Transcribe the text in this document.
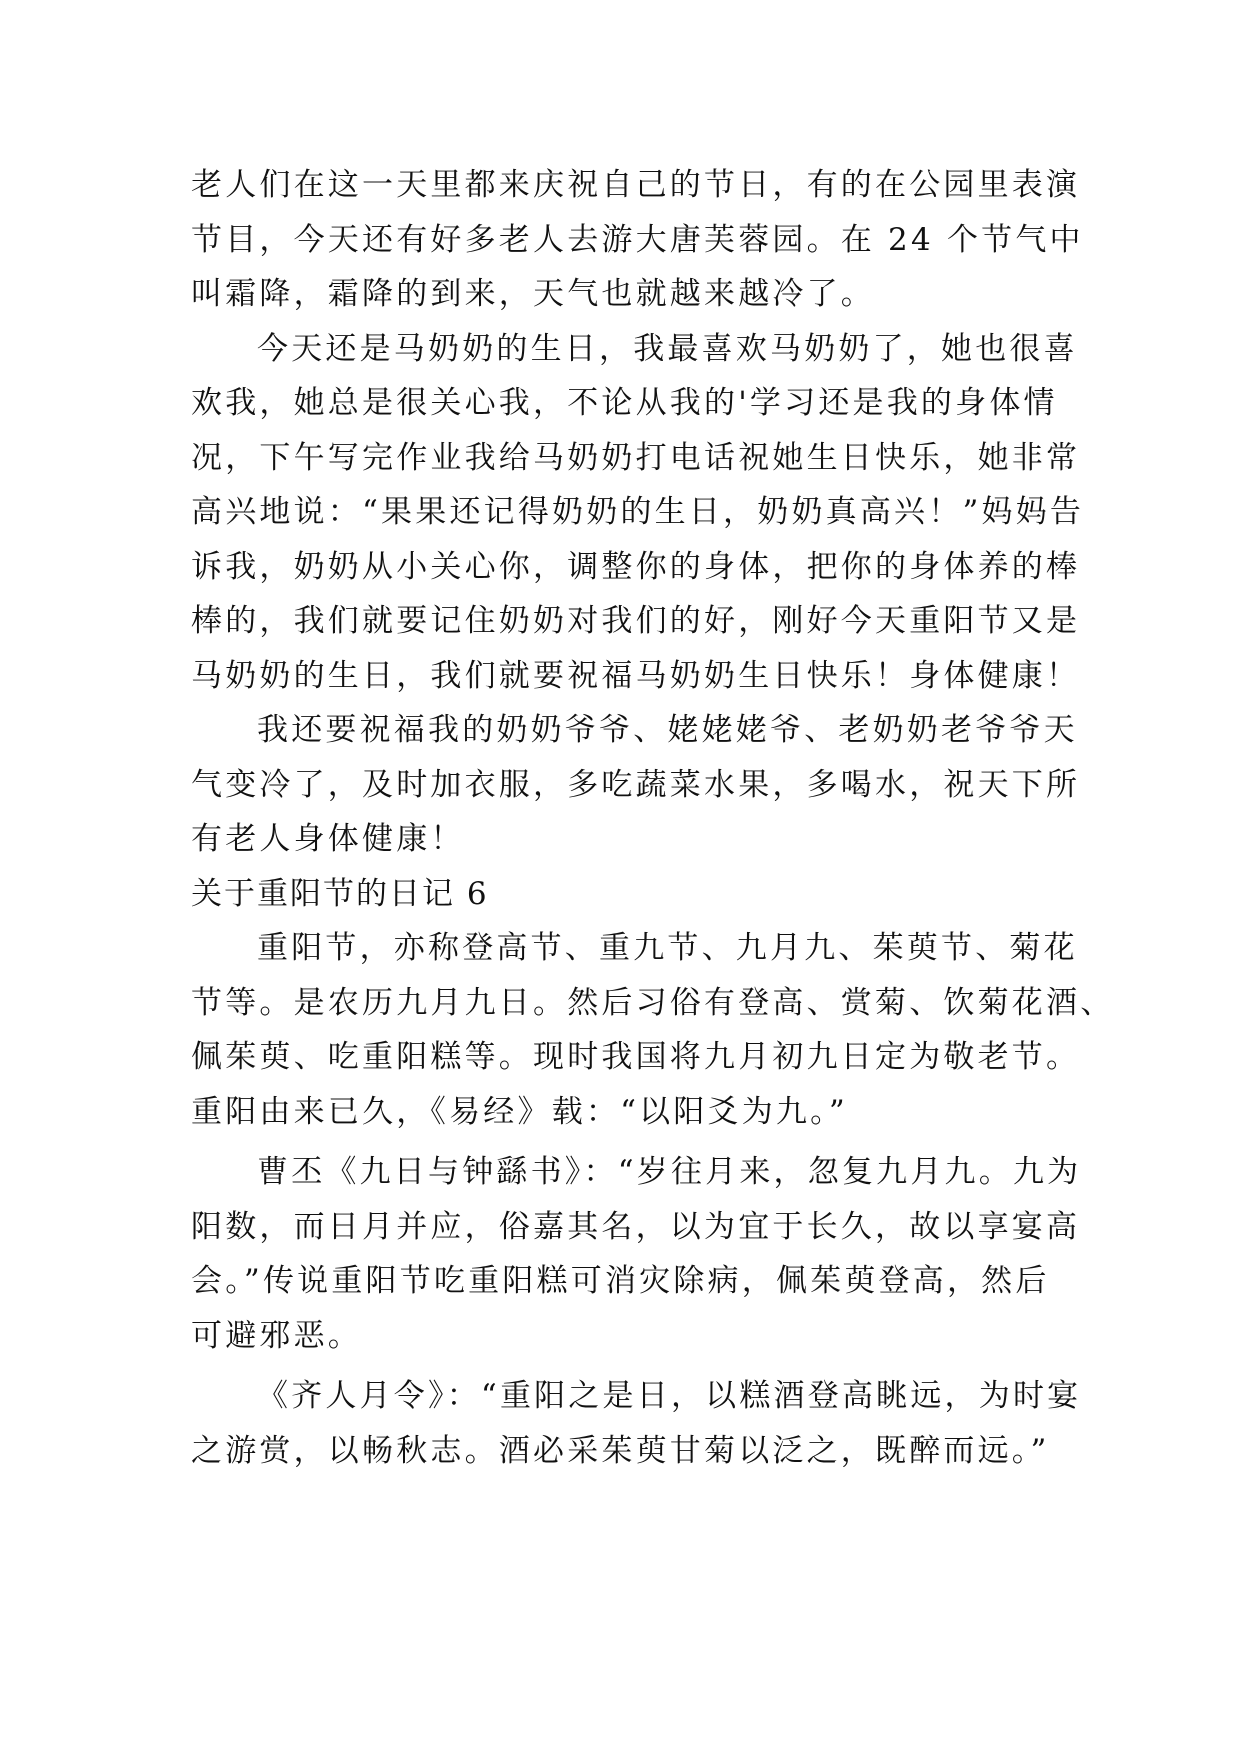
老人们在这一天里都来庆祝自己的节日，有的在公园里表演
节目，今天还有好多老人去游大唐芙蓉园。在 24 个节气中
叫霜降，霜降的到来，天气也就越来越冷了。
今天还是马奶奶的生日，我最喜欢马奶奶了，她也很喜
欢我，她总是很关心我，不论从我的'学习还是我的身体情
况，下午写完作业我给马奶奶打电话祝她生日快乐，她非常
高兴地说：“果果还记得奶奶的生日，奶奶真高兴！”妈妈告
诉我，奶奶从小关心你，调整你的身体，把你的身体养的棒
棒的，我们就要记住奶奶对我们的好，刚好今天重阳节又是
马奶奶的生日，我们就要祝福马奶奶生日快乐！身体健康！
我还要祝福我的奶奶爷爷、姥姥姥爷、老奶奶老爷爷天
气变冷了，及时加衣服，多吃蔬菜水果，多喝水，祝天下所
有老人身体健康！
关于重阳节的日记 6
重阳节，亦称登高节、重九节、九月九、茱萸节、菊花
节等。是农历九月九日。然后习俗有登高、赏菊、饮菊花酒、
佩茱萸、吃重阳糕等。现时我国将九月初九日定为敬老节。
重阳由来已久，《易经》载：“以阳爻为九。”
曹丕《九日与钟繇书》：“岁往月来，忽复九月九。九为
阳数，而日月并应，俗嘉其名，以为宜于长久，故以享宴高
会。”传说重阳节吃重阳糕可消灾除病，佩茱萸登高，然后
可避邪恶。
《齐人月令》：“重阳之是日，以糕酒登高眺远，为时宴
之游赏，以畅秋志。酒必采茱萸甘菊以泛之，既醉而远。”
